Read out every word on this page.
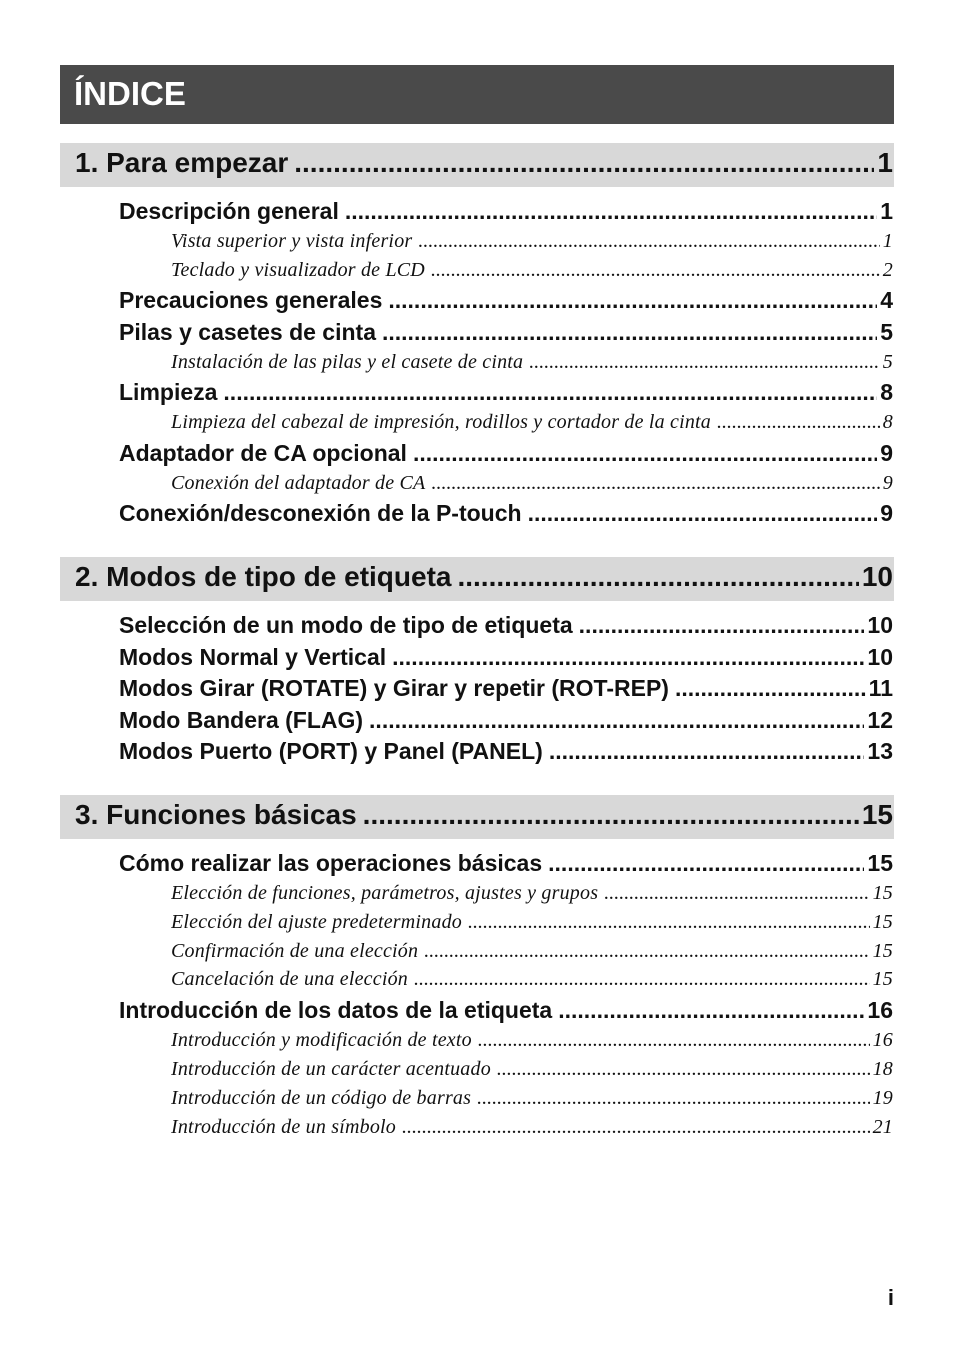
ÍNDICE
1. Para empezar .....	1
Descripción general .....	1
Vista superior y vista inferior .....	1
Teclado y visualizador de LCD .....	2
Precauciones generales .....	4
Pilas y casetes de cinta .....	5
Instalación de las pilas y el casete de cinta .....	5
Limpieza .....	8
Limpieza del cabezal de impresión, rodillos y cortador de la cinta .....	8
Adaptador de CA opcional .....	9
Conexión del adaptador de CA .....	9
Conexión/desconexión de la P-touch .....	9
2. Modos de tipo de etiqueta .....	10
Selección de un modo de tipo de etiqueta .....	10
Modos Normal y Vertical .....	10
Modos Girar (ROTATE) y Girar y repetir (ROT-REP) .....	11
Modo Bandera (FLAG) .....	12
Modos Puerto (PORT) y Panel (PANEL) .....	13
3. Funciones básicas .....	15
Cómo realizar las operaciones básicas .....	15
Elección de funciones, parámetros, ajustes y grupos .....	15
Elección del ajuste predeterminado .....	15
Confirmación de una elección .....	15
Cancelación de una elección .....	15
Introducción de los datos de la etiqueta .....	16
Introducción y modificación de texto .....	16
Introducción de un carácter acentuado .....	18
Introducción de un código de barras .....	19
Introducción de un símbolo .....	21
i
